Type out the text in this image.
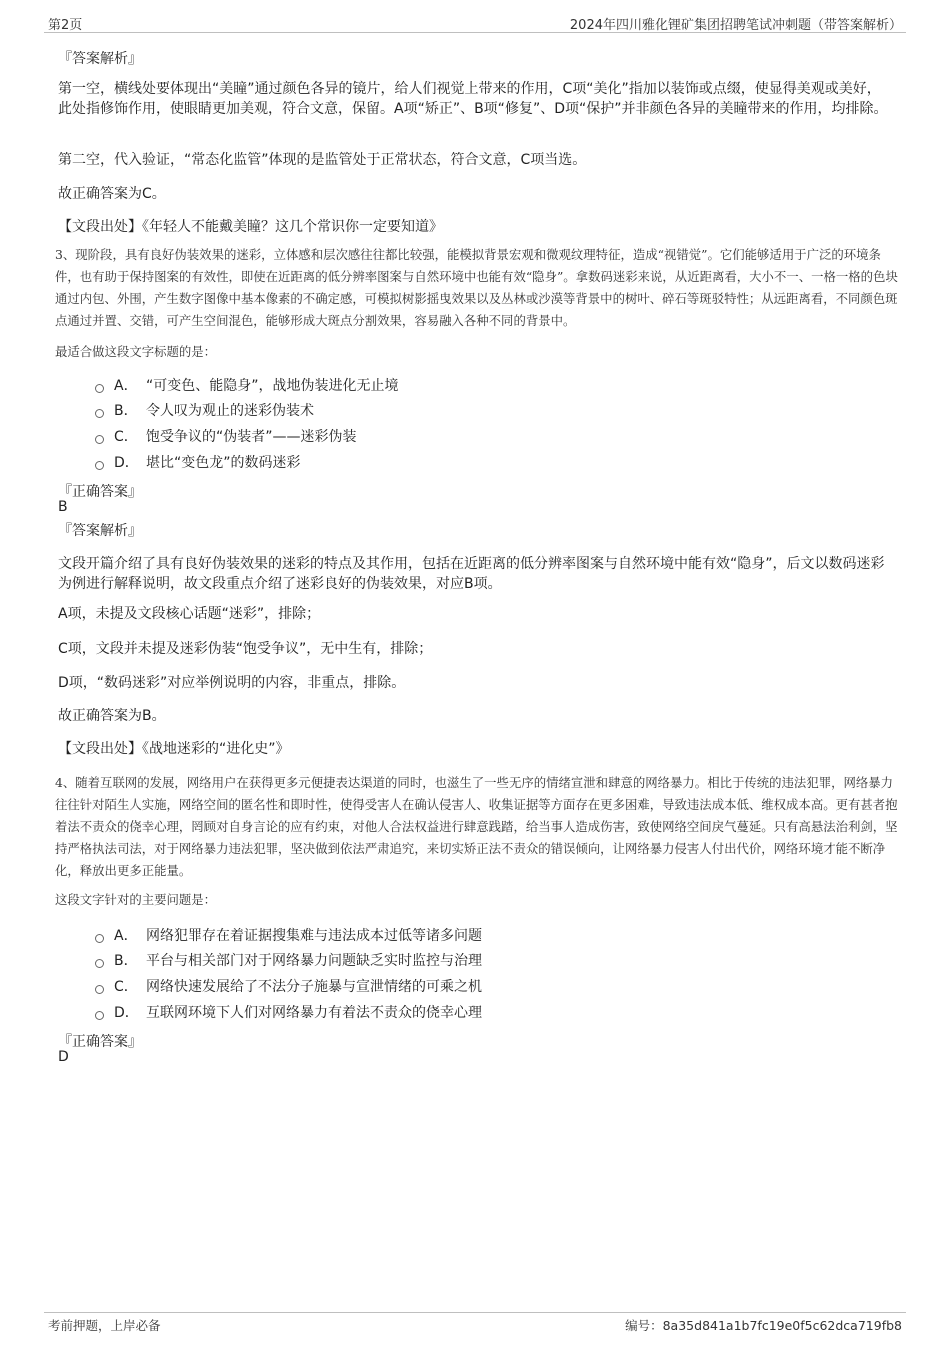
第2页	2024年四川雅化锂矿集团招聘笔试冲刺题（带答案解析）
『答案解析』
第一空，横线处要体现出“美瞳”通过颜色各异的镜片，给人们视觉上带来的作用，C项“美化”指加以装饰或点缀，使显得美观或美好，此处指修饰作用，使眼睛更加美观，符合文意，保留。A项“矫正”、B项“修复”、D项“保护”并非颜色各异的美瞳带来的作用，均排除。
第二空，代入验证，“常态化监管”体现的是监管处于正常状态，符合文意，C项当选。
故正确答案为C。
【文段出处】《年轻人不能戴美瞳？这几个常识你一定要知道》
3、现阶段，具有良好伪装效果的迷彩，立体感和层次感往往都比较强，能模拟背景宏观和微观纹理特征，造成“视错觉”。它们能够适用于广泛的环境条件，也有助于保持图案的有效性，即使在近距离的低分辨率图案与自然环境中也能有效“隐身”。拿数码迷彩来说，从近距离看，大小不一、一格一格的色块通过内包、外围，产生数字图像中基本像素的不确定感，可模拟树影摇曳效果以及丛林或沙漠等背景中的树叶、碎石等斑驳特性；从远距离看，不同颜色斑点通过并置、交错，可产生空间混色，能够形成大斑点分割效果，容易融入各种不同的背景中。
最适合做这段文字标题的是：
A． “可变色、能隐身”，战地伪装进化无止境
B． 令人叹为观止的迷彩伪装术
C． 饱受争议的“伪装者”——迷彩伪装
D． 堪比“变色龙”的数码迷彩
『正确答案』
B
『答案解析』
文段开篇介绍了具有良好伪装效果的迷彩的特点及其作用，包括在近距离的低分辨率图案与自然环境中能有效“隐身”，后文以数码迷彩为例进行解释说明，故文段重点介绍了迷彩良好的伪装效果，对应B项。
A项，未提及文段核心话题“迷彩”，排除；
C项，文段并未提及迷彩伪装“饱受争议”，无中生有，排除；
D项，“数码迷彩”对应举例说明的内容，非重点，排除。
故正确答案为B。
【文段出处】《战地迷彩的“进化史”》
4、随着互联网的发展，网络用户在获得更多元便捷表达渠道的同时，也滋生了一些无序的情绪宣泄和肆意的网络暴力。相比于传统的违法犯罪，网络暴力往往针对陌生人实施，网络空间的匿名性和即时性，使得受害人在确认侵害人、收集证据等方面存在更多困难，导致违法成本低、维权成本高。更有甚者抱着法不责众的侥幸心理，罔顾对自身言论的应有约束，对他人合法权益进行肆意践踏，给当事人造成伤害，致使网络空间戾气蔓延。只有高悬法治利剑，坚持严格执法司法，对于网络暴力违法犯罪，坚决做到依法严肃追究，来切实矫正法不责众的错误倾向，让网络暴力侵害人付出代价，网络环境才能不断净化，释放出更多正能量。
这段文字针对的主要问题是：
A． 网络犯罪存在着证据搜集难与违法成本过低等诸多问题
B． 平台与相关部门对于网络暴力问题缺乏实时监控与治理
C． 网络快速发展给了不法分子施暴与宣泄情绪的可乘之机
D． 互联网环境下人们对网络暴力有着法不责众的侥幸心理
『正确答案』
D
考前押题，上岸必备	编号：8a35d841a1b7fc19e0f5c62dca719fb8
